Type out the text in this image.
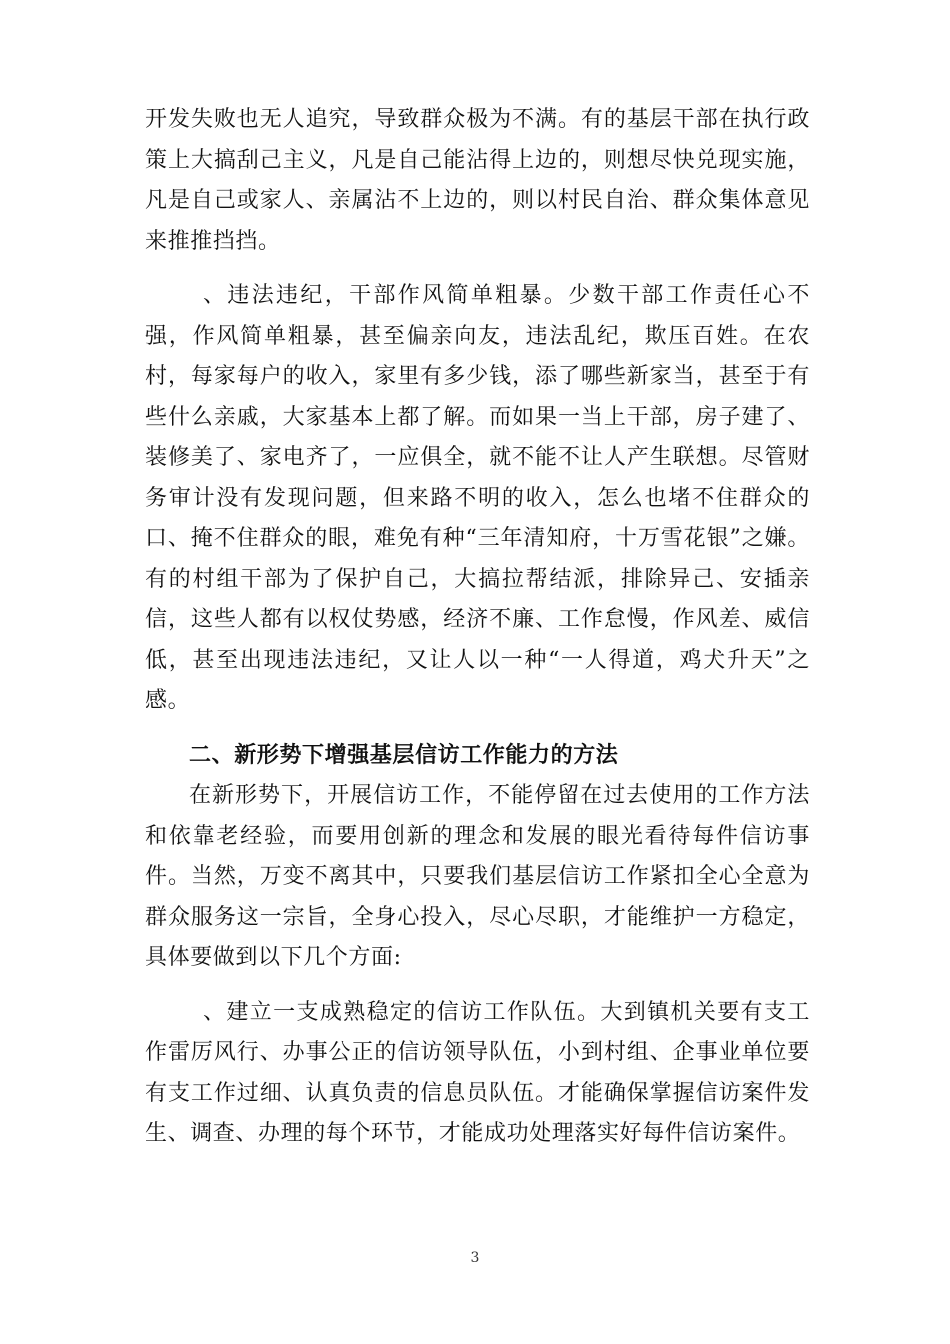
开发失败也无人追究，导致群众极为不满。有的基层干部在执行政策上大搞刮己主义，凡是自己能沾得上边的，则想尽快兑现实施，凡是自己或家人、亲属沾不上边的，则以村民自治、群众集体意见来推推挡挡。

、违法违纪，干部作风简单粗暴。少数干部工作责任心不强，作风简单粗暴，甚至偏亲向友，违法乱纪，欺压百姓。在农村，每家每户的收入，家里有多少钱，添了哪些新家当，甚至于有些什么亲戚，大家基本上都了解。而如果一当上干部，房子建了、装修美了、家电齐了，一应俱全，就不能不让人产生联想。尽管财务审计没有发现问题，但来路不明的收入，怎么也堵不住群众的口、掩不住群众的眼，难免有种“三年清知府，十万雪花银”之嫌。有的村组干部为了保护自己，大搞拉帮结派，排除异己、安插亲信，这些人都有以权仗势感，经济不廉、工作怠慢，作风差、威信低，甚至出现违法违纪，又让人以一种“一人得道，鸡犬升天”之感。

二、新形势下增强基层信访工作能力的方法

在新形势下，开展信访工作，不能停留在过去使用的工作方法和依靠老经验，而要用创新的理念和发展的眼光看待每件信访事件。当然，万变不离其中，只要我们基层信访工作紧扣全心全意为群众服务这一宗旨，全身心投入，尽心尽职，才能维护一方稳定，具体要做到以下几个方面:

、建立一支成熟稳定的信访工作队伍。大到镇机关要有支工作雷厉风行、办事公正的信访领导队伍，小到村组、企事业单位要有支工作过细、认真负责的信息员队伍。才能确保掌握信访案件发生、调查、办理的每个环节，才能成功处理落实好每件信访案件。

3
